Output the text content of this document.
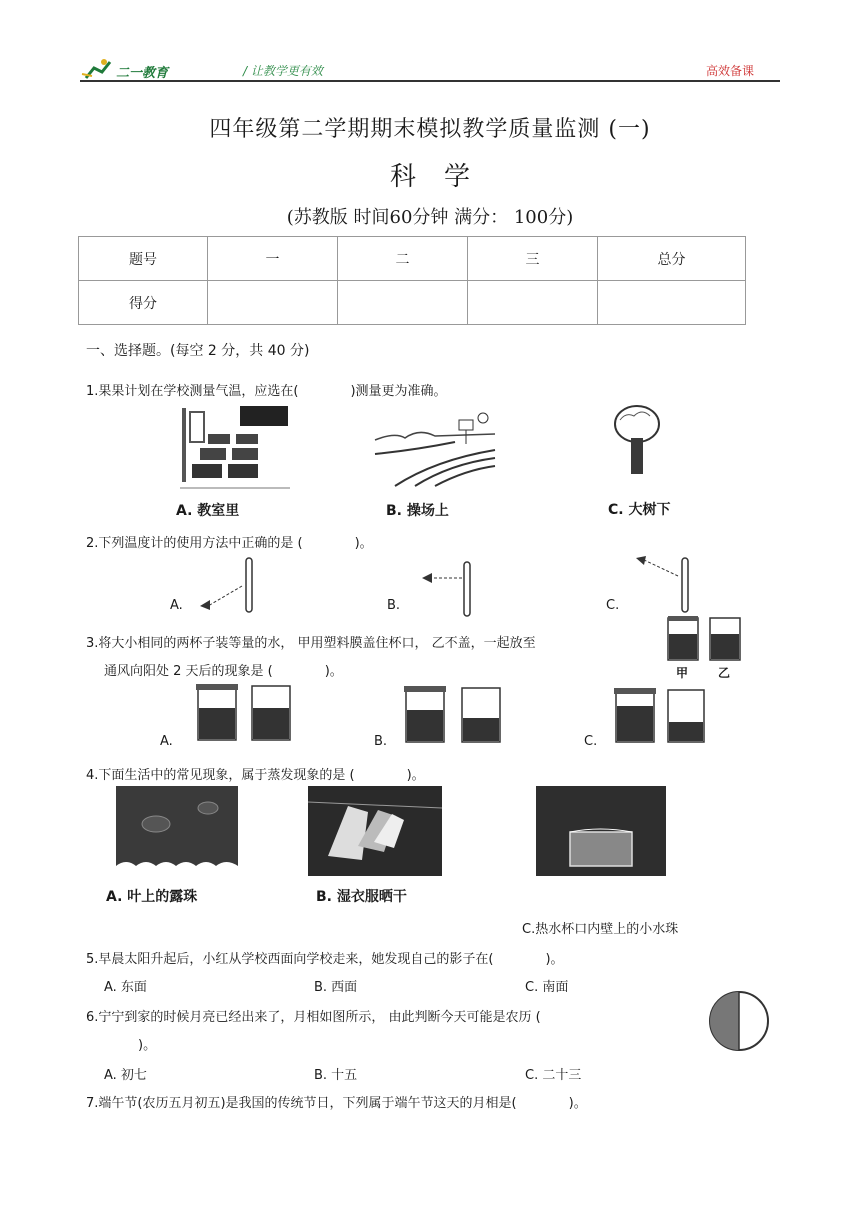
二一教育	/ 让教学更有效	高效备课
四年级第二学期期末模拟教学质量监测 (一)
科学
(苏教版 时间60分钟 满分： 100分)
题号	一	二	三	总分
得分				
一、选择题。(每空 2 分，共 40 分)
1.果果计划在学校测量气温，应选在(　　　　)测量更为准确。
A. 教室里	B. 操场上	C. 大树下
2.下列温度计的使用方法中正确的是 (　　　　)。
A.	B.	C.
3.将大小相同的两杯子装等量的水， 甲用塑料膜盖住杯口， 乙不盖，一起放至
通风向阳处 2 天后的现象是 (　　　　)。	甲 乙
A.	B.	C.
4.下面生活中的常见现象，属于蒸发现象的是 (　　　　)。
A. 叶上的露珠	B. 湿衣服晒干
C.热水杯口内壁上的小水珠
5.早晨太阳升起后，小红从学校西面向学校走来，她发现自己的影子在(　　　　)。
A. 东面	B. 西面	C. 南面
6.宁宁到家的时候月亮已经出来了，月相如图所示， 由此判断今天可能是农历 (
)。
A. 初七	B. 十五	C. 二十三
7.端午节(农历五月初五)是我国的传统节日，下列属于端午节这天的月相是(　　　　)。
